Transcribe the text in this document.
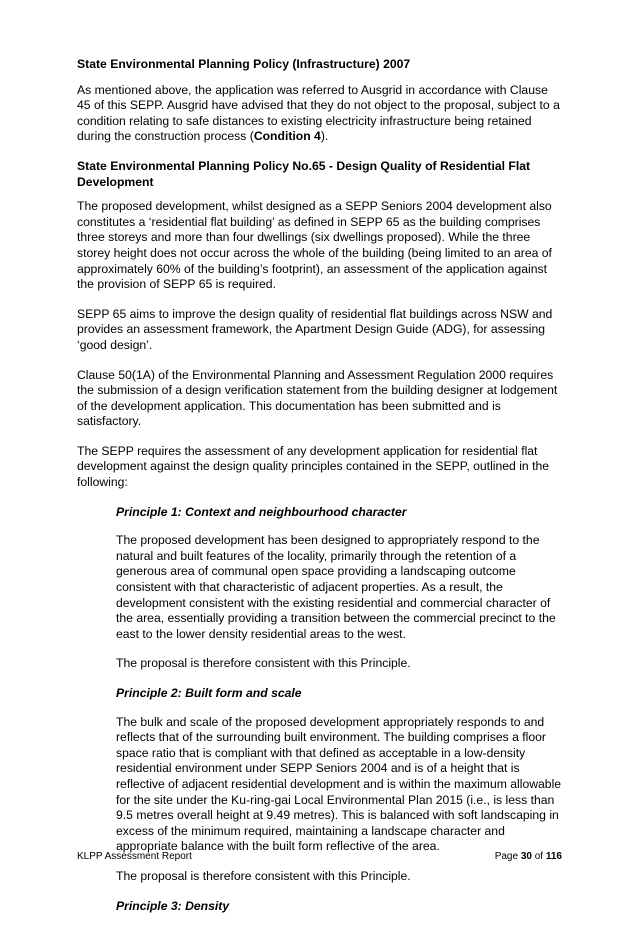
State Environmental Planning Policy (Infrastructure) 2007

As mentioned above, the application was referred to Ausgrid in accordance with Clause 45 of this SEPP. Ausgrid have advised that they do not object to the proposal, subject to a condition relating to safe distances to existing electricity infrastructure being retained during the construction process (Condition 4).

State Environmental Planning Policy No.65 - Design Quality of Residential Flat Development

The proposed development, whilst designed as a SEPP Seniors 2004 development also constitutes a ‘residential flat building’ as defined in SEPP 65 as the building comprises three storeys and more than four dwellings (six dwellings proposed). While the three storey height does not occur across the whole of the building (being limited to an area of approximately 60% of the building’s footprint), an assessment of the application against the provision of SEPP 65 is required.

SEPP 65 aims to improve the design quality of residential flat buildings across NSW and provides an assessment framework, the Apartment Design Guide (ADG), for assessing ‘good design’.

Clause 50(1A) of the Environmental Planning and Assessment Regulation 2000 requires the submission of a design verification statement from the building designer at lodgement of the development application. This documentation has been submitted and is satisfactory.

The SEPP requires the assessment of any development application for residential flat development against the design quality principles contained in the SEPP, outlined in the following:

Principle 1: Context and neighbourhood character

The proposed development has been designed to appropriately respond to the natural and built features of the locality, primarily through the retention of a generous area of communal open space providing a landscaping outcome consistent with that characteristic of adjacent properties. As a result, the development consistent with the existing residential and commercial character of the area, essentially providing a transition between the commercial precinct to the east to the lower density residential areas to the west.

The proposal is therefore consistent with this Principle.

Principle 2: Built form and scale

The bulk and scale of the proposed development appropriately responds to and reflects that of the surrounding built environment. The building comprises a floor space ratio that is compliant with that defined as acceptable in a low-density residential environment under SEPP Seniors 2004 and is of a height that is reflective of adjacent residential development and is within the maximum allowable for the site under the Ku-ring-gai Local Environmental Plan 2015 (i.e., is less than 9.5 metres overall height at 9.49 metres). This is balanced with soft landscaping in excess of the minimum required, maintaining a landscape character and appropriate balance with the built form reflective of the area.

The proposal is therefore consistent with this Principle.

Principle 3: Density
KLPP Assessment Report	Page 30 of 116
